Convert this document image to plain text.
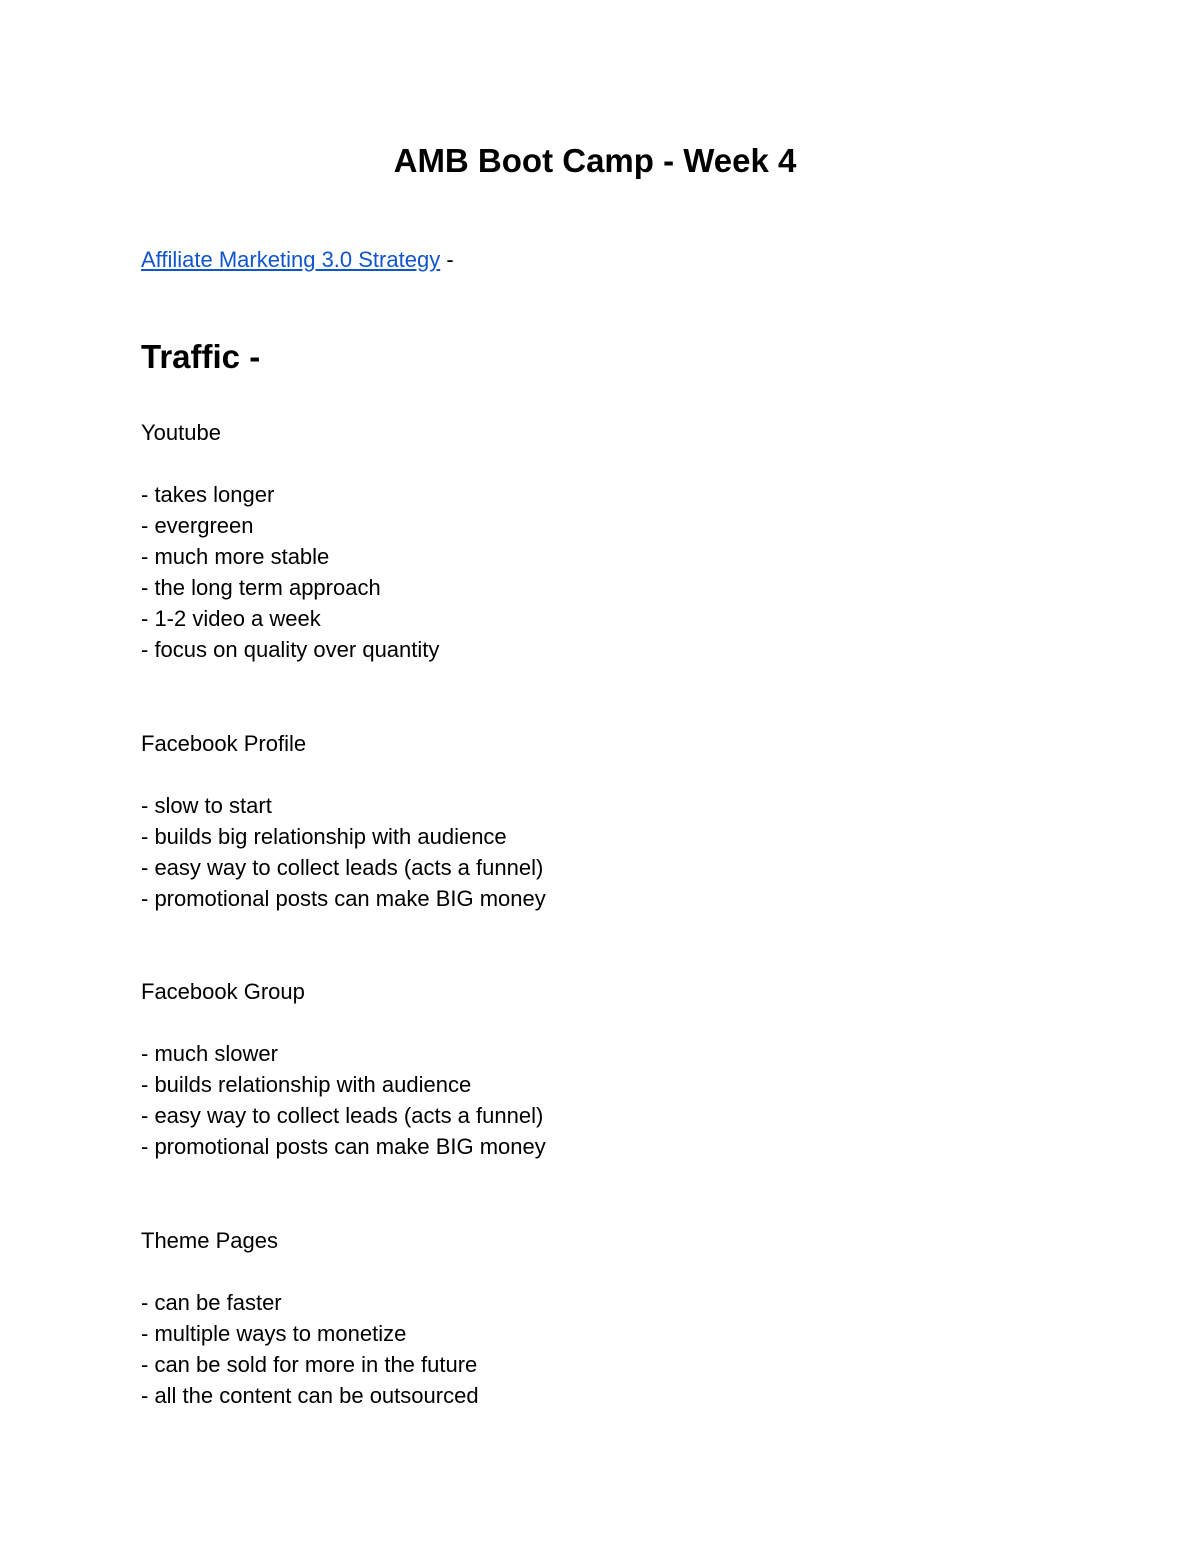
AMB Boot Camp - Week 4

Affiliate Marketing 3.0 Strategy -

Traffic -

Youtube

- takes longer
- evergreen
- much more stable
- the long term approach
- 1-2 video a week
- focus on quality over quantity

Facebook Profile

- slow to start
- builds big relationship with audience
- easy way to collect leads (acts a funnel)
- promotional posts can make BIG money

Facebook Group

- much slower
- builds relationship with audience
- easy way to collect leads (acts a funnel)
- promotional posts can make BIG money

Theme Pages

- can be faster
- multiple ways to monetize
- can be sold for more in the future
- all the content can be outsourced
